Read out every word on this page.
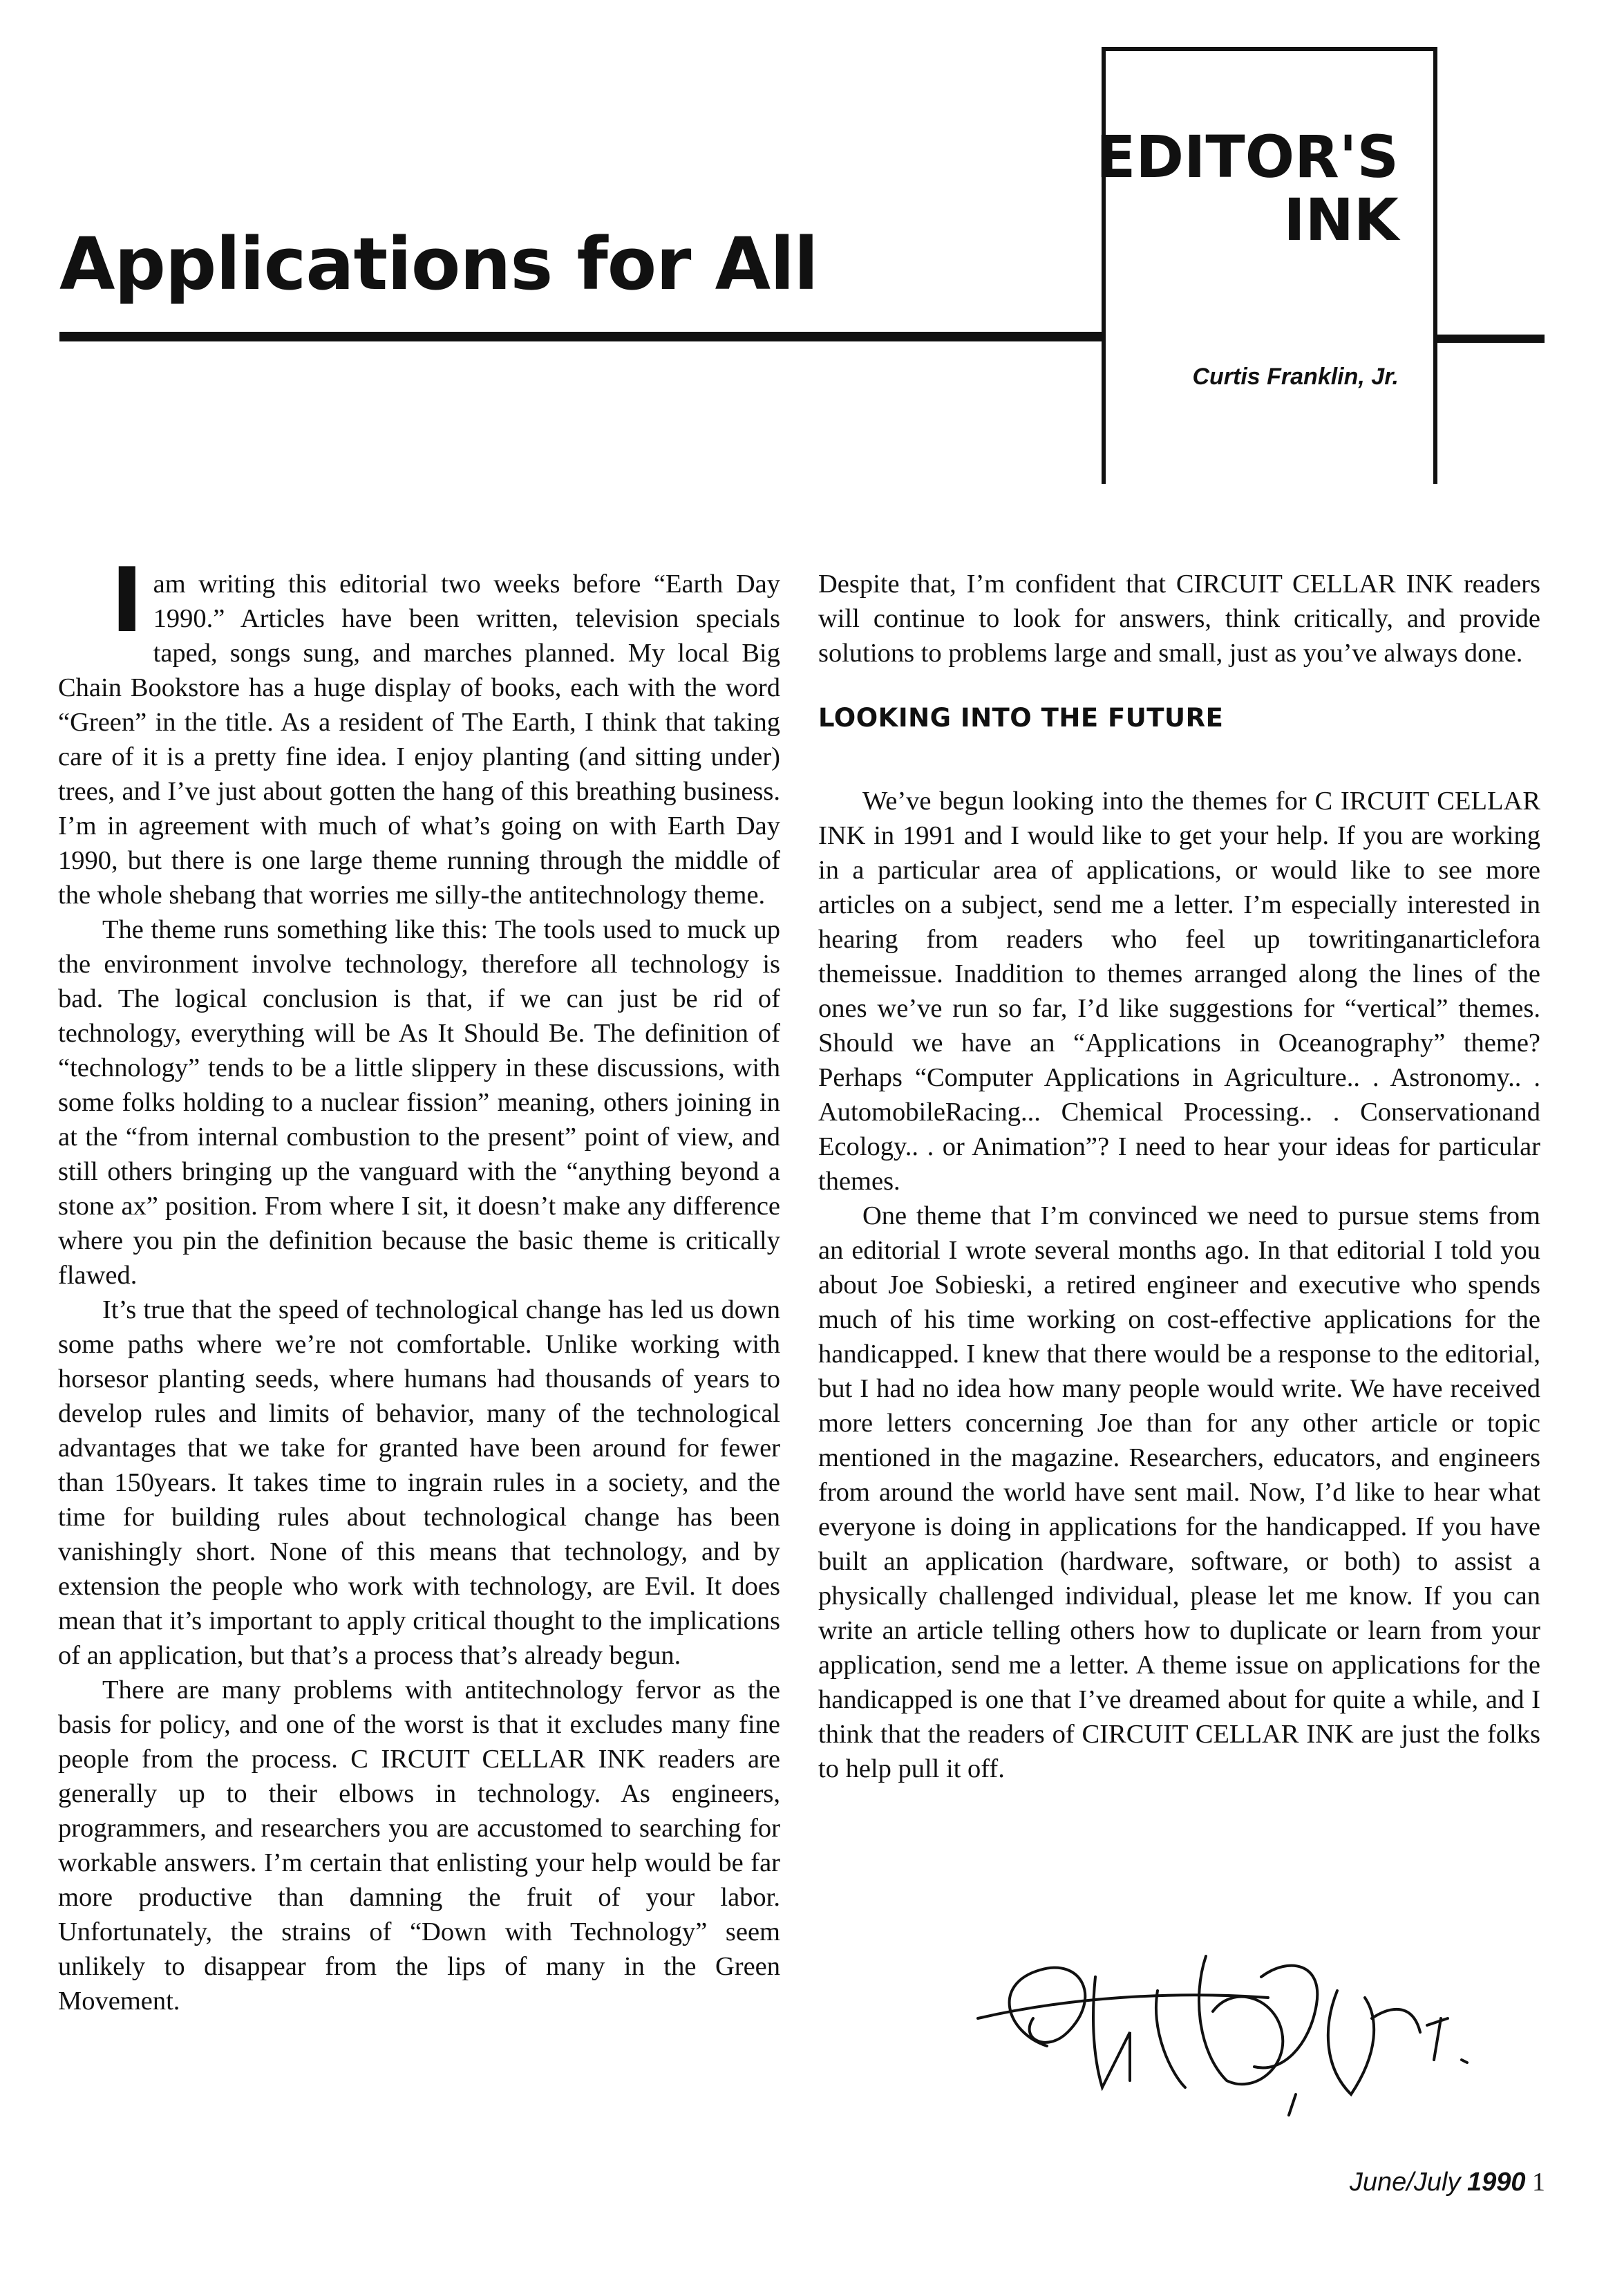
Applications for All
EDITOR'S
INK
Curtis Franklin, Jr.
I am writing this editorial two weeks before “Earth Day 1990.” Articles have been written, television specials taped, songs sung, and marches planned. My local Big Chain Bookstore has a huge display of books, each with the word “Green” in the title. As a resident of The Earth, I think that taking care of it is a pretty fine idea. I enjoy planting (and sitting under) trees, and I’ve just about gotten the hang of this breathing business. I’m in agreement with much of what’s going on with Earth Day 1990, but there is one large theme running through the middle of the whole shebang that worries me silly-the antitechnology theme.

The theme runs something like this: The tools used to muck up the environment involve technology, therefore all technology is bad. The logical conclusion is that, if we can just be rid of technology, everything will be As It Should Be. The definition of “technology” tends to be a little slippery in these discussions, with some folks holding to a nuclear fission” meaning, others joining in at the “from internal combustion to the present” point of view, and still others bringing up the vanguard with the “anything beyond a stone ax” position. From where I sit, it doesn’t make any difference where you pin the definition because the basic theme is critically flawed.

It’s true that the speed of technological change has led us down some paths where we’re not comfortable. Unlike working with horsesor planting seeds, where humans had thousands of years to develop rules and limits of behavior, many of the technological advantages that we take for granted have been around for fewer than 150years. It takes time to ingrain rules in a society, and the time for building rules about technological change has been vanishingly short. None of this means that technology, and by extension the people who work with technology, are Evil. It does mean that it’s important to apply critical thought to the implications of an application, but that’s a process that’s already begun.

There are many problems with antitechnology fervor as the basis for policy, and one of the worst is that it excludes many fine people from the process. C IRCUIT CELLAR INK readers are generally up to their elbows in technology. As engineers, programmers, and researchers you are accustomed to searching for workable answers. I’m certain that enlisting your help would be far more productive than damning the fruit of your labor. Unfortunately, the strains of “Down with Technology” seem unlikely to disappear from the lips of many in the Green Movement.

Despite that, I’m confident that CIRCUIT CELLAR INK readers will continue to look for answers, think critically, and provide solutions to problems large and small, just as you’ve always done.

LOOKING INTO THE FUTURE

We’ve begun looking into the themes for C IRCUIT CELLAR INK in 1991 and I would like to get your help. If you are working in a particular area of applications, or would like to see more articles on a subject, send me a letter. I’m especially interested in hearing from readers who feel up towritinganarticlefora themeissue. Inaddition to themes arranged along the lines of the ones we’ve run so far, I’d like suggestions for “vertical” themes. Should we have an “Applications in Oceanography” theme? Perhaps “Computer Applications in Agriculture.. . Astronomy.. . AutomobileRacing... Chemical Processing.. . Conservationand Ecology.. . or Animation”? I need to hear your ideas for particular themes.

One theme that I’m convinced we need to pursue stems from an editorial I wrote several months ago. In that editorial I told you about Joe Sobieski, a retired engineer and executive who spends much of his time working on cost-effective applications for the handicapped. I knew that there would be a response to the editorial, but I had no idea how many people would write. We have received more letters concerning Joe than for any other article or topic mentioned in the magazine. Researchers, educators, and engineers from around the world have sent mail. Now, I’d like to hear what everyone is doing in applications for the handicapped. If you have built an application (hardware, software, or both) to assist a physically challenged individual, please let me know. If you can write an article telling others how to duplicate or learn from your application, send me a letter. A theme issue on applications for the handicapped is one that I’ve dreamed about for quite a while, and I think that the readers of CIRCUIT CELLAR INK are just the folks to help pull it off.

June/July 1990 1
